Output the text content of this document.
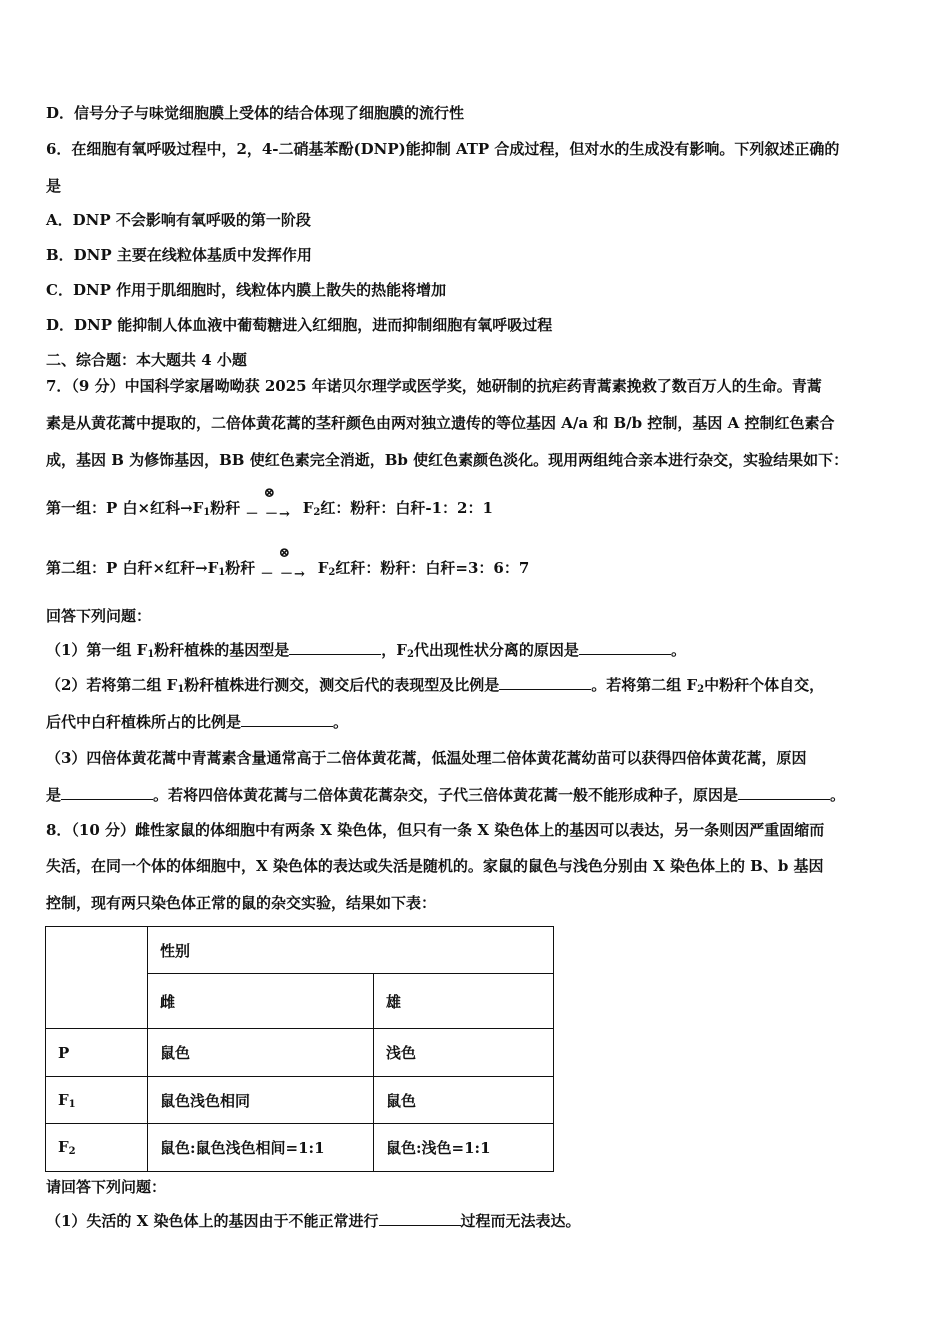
D．信号分子与味觉细胞膜上受体的结合体现了细胞膜的流行性
6．在细胞有氧呼吸过程中，2，4-二硝基苯酚(DNP)能抑制 ATP 合成过程，但对水的生成没有影响。下列叙述正确的
是
A．DNP 不会影响有氧呼吸的第一阶段
B．DNP 主要在线粒体基质中发挥作用
C．DNP 作用于肌细胞时，线粒体内膜上散失的热能将增加
D．DNP 能抑制人体血液中葡萄糖进入红细胞，进而抑制细胞有氧呼吸过程
二、综合题：本大题共 4 小题
7．（9 分）中国科学家屠呦呦获 2025 年诺贝尔理学或医学奖，她研制的抗疟药青蒿素挽救了数百万人的生命。青蒿
素是从黄花蒿中提取的，二倍体黄花蒿的茎秆颜色由两对独立遗传的等位基因 A/a 和 B/b 控制，基因 A 控制红色素合
成，基因 B 为修饰基因，BB 使红色素完全消逝，Bb 使红色素颜色淡化。现用两组纯合亲本进行杂交，实验结果如下：
第一组：P 白×红科$\to F_1$粉秆
⊗
－ －→ $F_2$红：粉秆：白秆-1：2：1
第二组：P 白秆×红秆$\to F_1$粉秆
⊗
－ －→ $F_2$红秆：粉秆：白秆=3：6：7
回答下列问题：
（1）第一组 $F_1$粉秆植株的基因型是	，$F_2$代出现性状分离的原因是	。
（2）若将第二组 $F_1$粉秆植株进行测交，测交后代的表现型及比例是	。若将第二组 $F_2$中粉秆个体自交，
后代中白秆植株所占的比例是	。
（3）四倍体黄花蒿中青蒿素含量通常高于二倍体黄花蒿，低温处理二倍体黄花蒿幼苗可以获得四倍体黄花蒿，原因
是	。若将四倍体黄花蒿与二倍体黄花蒿杂交，子代三倍体黄花蒿一般不能形成种子，原因是	。
8．（10 分）雌性家鼠的体细胞中有两条 X 染色体，但只有一条 X 染色体上的基因可以表达，另一条则因严重固缩而
失活，在同一个体的体细胞中，X 染色体的表达或失活是随机的。家鼠的鼠色与浅色分别由 X 染色体上的 B、b 基因
控制，现有两只染色体正常的鼠的杂交实验，结果如下表：
	性别	
	雌	雄
P	鼠色	浅色
$F_1$	鼠色浅色相同	鼠色
$F_2$	鼠色:鼠色浅色相间=1:1	鼠色:浅色=1:1
请回答下列问题：
（1）失活的 X 染色体上的基因由于不能正常进行	过程而无法表达。
